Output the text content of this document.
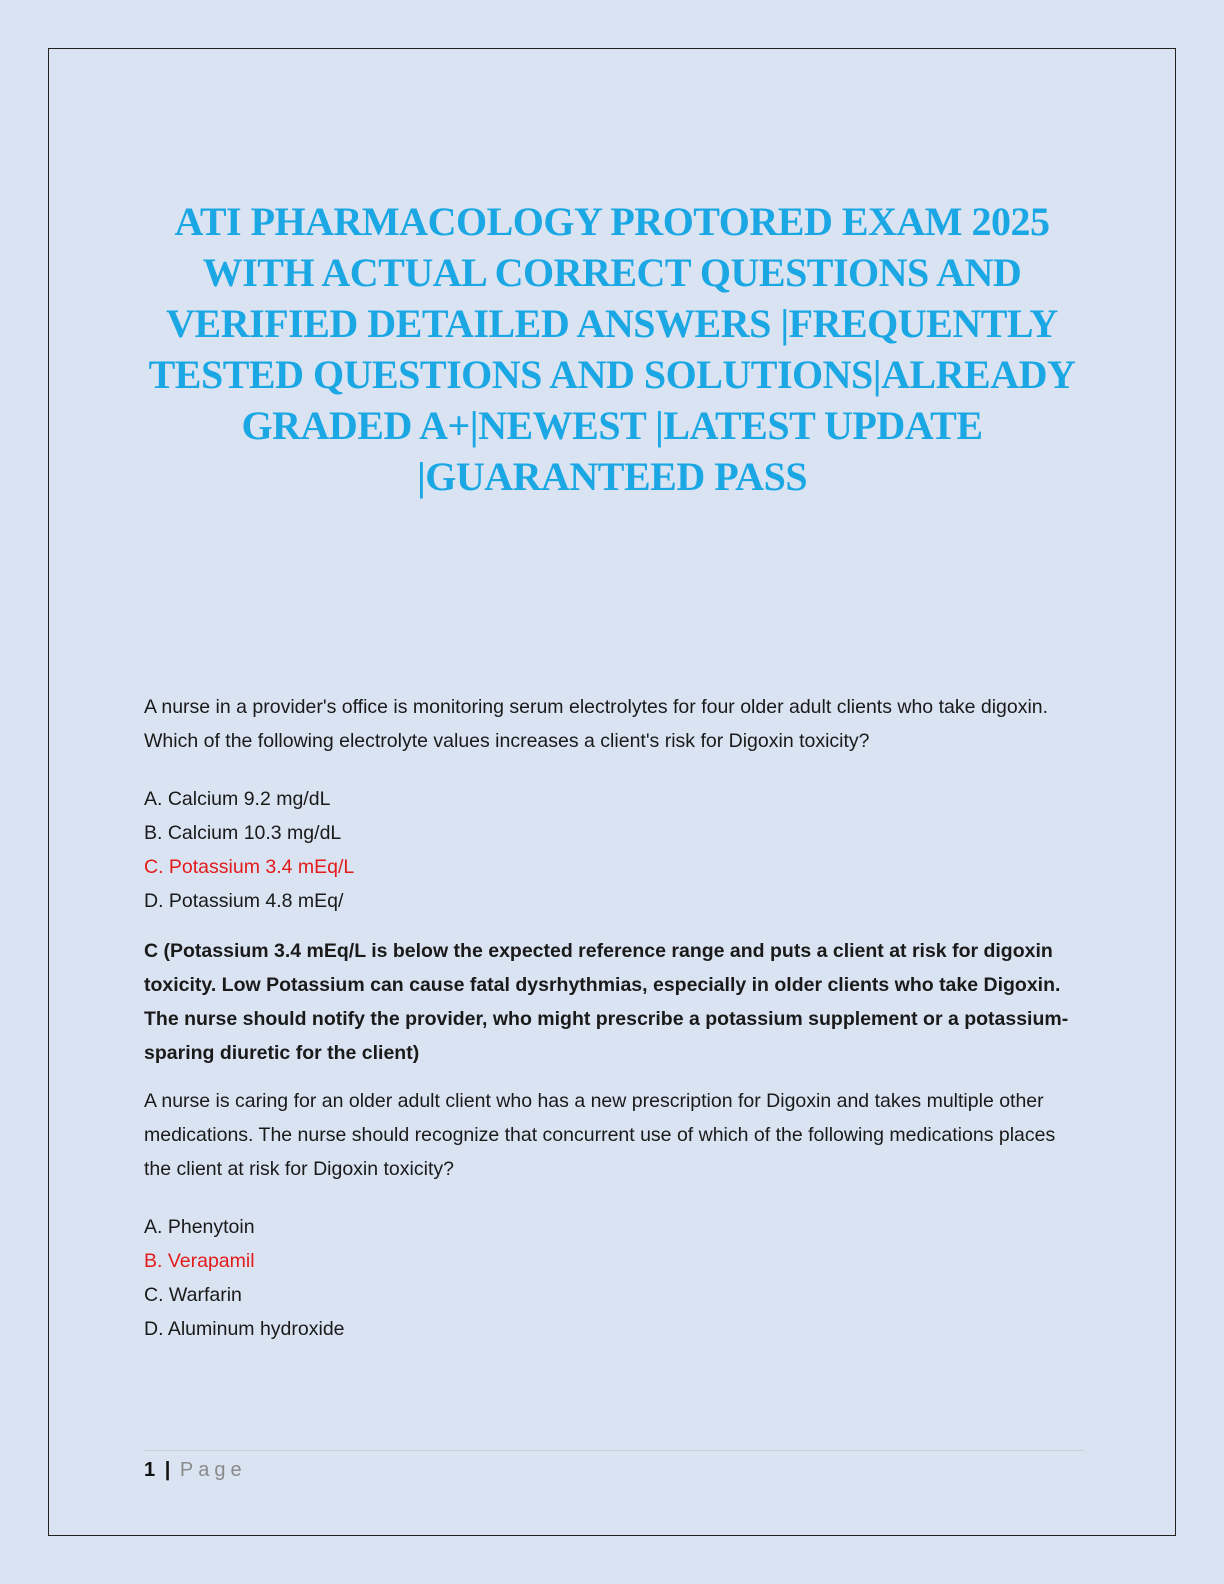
ATI PHARMACOLOGY PROTORED EXAM 2025 WITH ACTUAL CORRECT QUESTIONS AND VERIFIED DETAILED ANSWERS |FREQUENTLY TESTED QUESTIONS AND SOLUTIONS|ALREADY GRADED A+|NEWEST |LATEST UPDATE |GUARANTEED PASS

A nurse in a provider's office is monitoring serum electrolytes for four older adult clients who take digoxin. Which of the following electrolyte values increases a client's risk for Digoxin toxicity?

A. Calcium 9.2 mg/dL
B. Calcium 10.3 mg/dL
C. Potassium 3.4 mEq/L
D. Potassium 4.8 mEq/

C (Potassium 3.4 mEq/L is below the expected reference range and puts a client at risk for digoxin toxicity. Low Potassium can cause fatal dysrhythmias, especially in older clients who take Digoxin. The nurse should notify the provider, who might prescribe a potassium supplement or a potassium-sparing diuretic for the client)

A nurse is caring for an older adult client who has a new prescription for Digoxin and takes multiple other medications. The nurse should recognize that concurrent use of which of the following medications places the client at risk for Digoxin toxicity?

A. Phenytoin
B. Verapamil
C. Warfarin
D. Aluminum hydroxide
1 | Page
